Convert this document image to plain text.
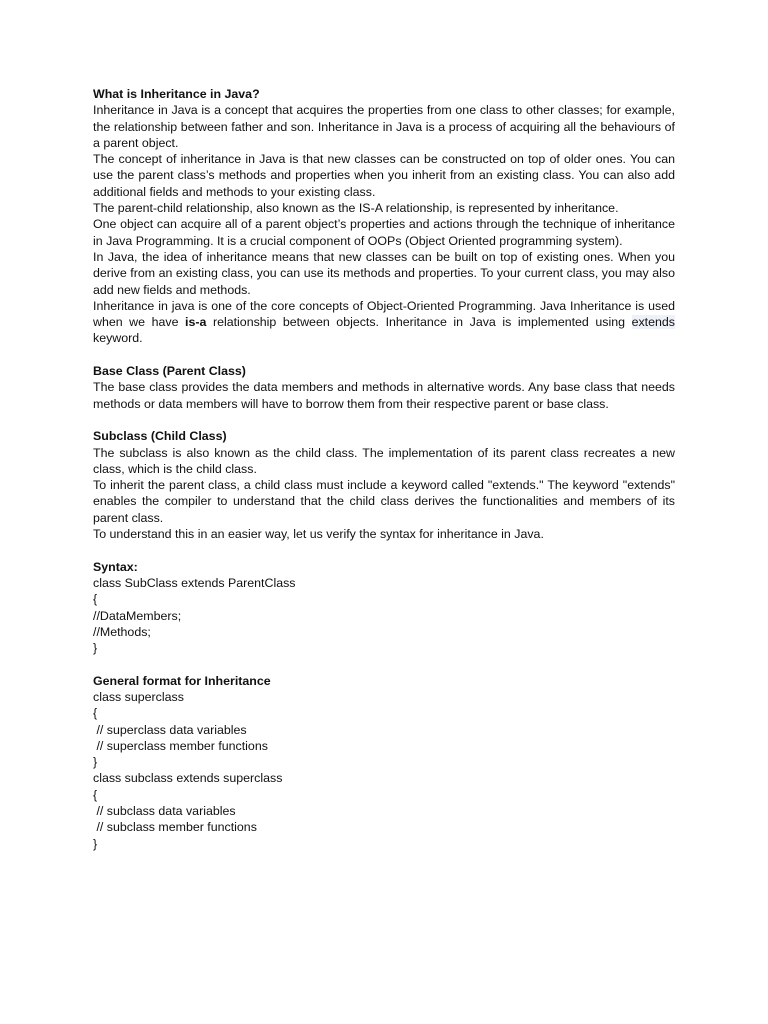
What is Inheritance in Java?

Inheritance in Java is a concept that acquires the properties from one class to other classes; for example, the relationship between father and son. Inheritance in Java is a process of acquiring all the behaviours of a parent object.

The concept of inheritance in Java is that new classes can be constructed on top of older ones. You can use the parent class’s methods and properties when you inherit from an existing class. You can also add additional fields and methods to your existing class.

The parent-child relationship, also known as the IS-A relationship, is represented by inheritance.

One object can acquire all of a parent object’s properties and actions through the technique of inheritance in Java Programming. It is a crucial component of OOPs (Object Oriented programming system).

In Java, the idea of inheritance means that new classes can be built on top of existing ones. When you derive from an existing class, you can use its methods and properties. To your current class, you may also add new fields and methods.

Inheritance in java is one of the core concepts of Object-Oriented Programming. Java Inheritance is used when we have is-a relationship between objects. Inheritance in Java is implemented using extends keyword.

Base Class (Parent Class)

The base class provides the data members and methods in alternative words. Any base class that needs methods or data members will have to borrow them from their respective parent or base class.

Subclass (Child Class)

The subclass is also known as the child class. The implementation of its parent class recreates a new class, which is the child class.

To inherit the parent class, a child class must include a keyword called "extends." The keyword "extends" enables the compiler to understand that the child class derives the functionalities and members of its parent class.

To understand this in an easier way, let us verify the syntax for inheritance in Java.

Syntax:

class SubClass extends ParentClass

{

//DataMembers;

//Methods;

}

General format for Inheritance

class superclass

{

// superclass data variables

// superclass member functions

}

class subclass extends superclass

{

// subclass data variables

// subclass member functions

}
